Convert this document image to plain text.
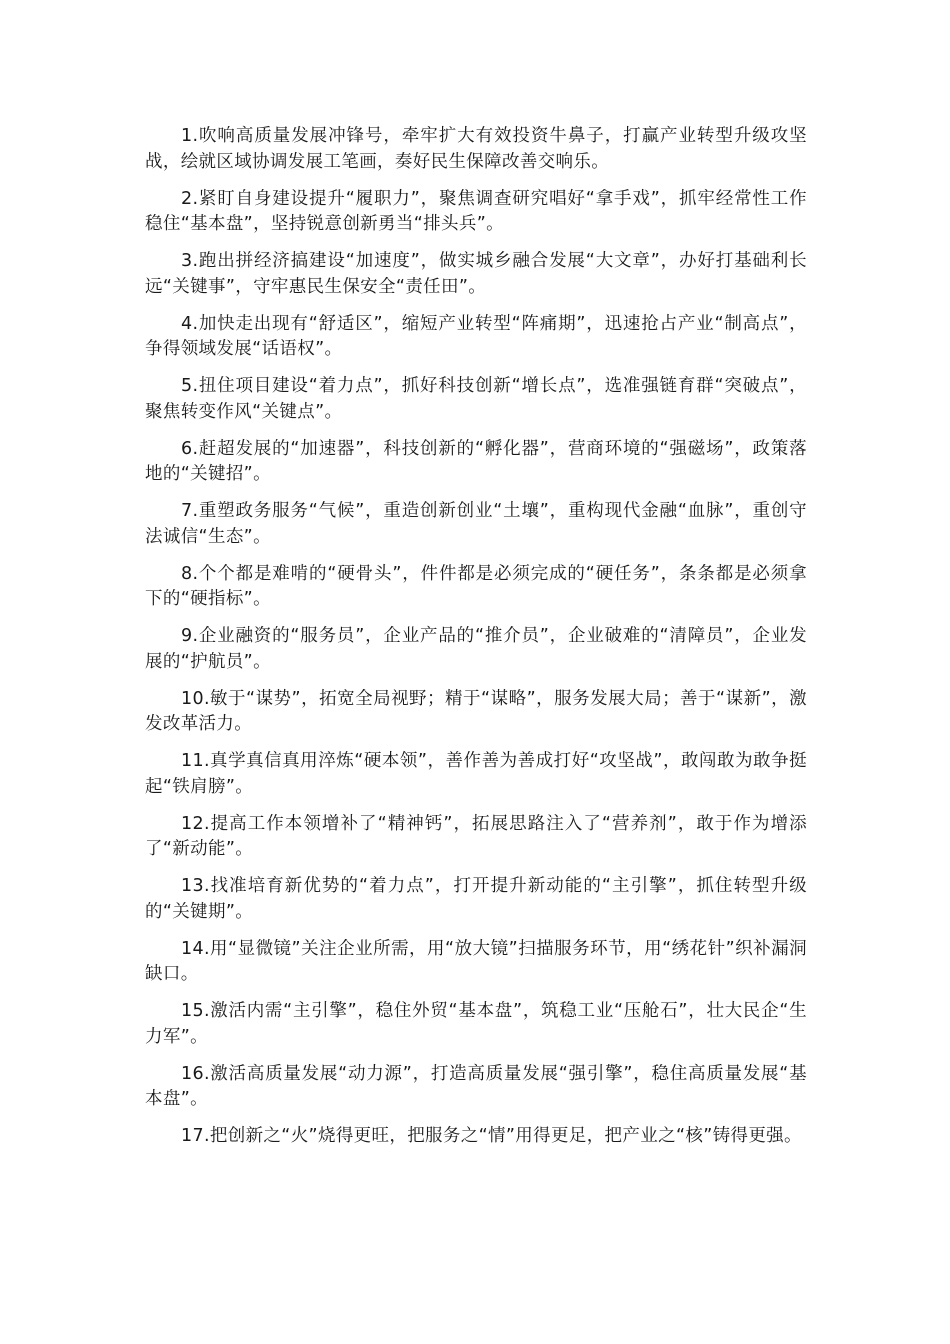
1.吹响高质量发展冲锋号，牵牢扩大有效投资牛鼻子，打赢产业转型升级攻坚战，绘就区域协调发展工笔画，奏好民生保障改善交响乐。

2.紧盯自身建设提升“履职力”，聚焦调查研究唱好“拿手戏”，抓牢经常性工作稳住“基本盘”，坚持锐意创新勇当“排头兵”。

3.跑出拼经济搞建设“加速度”，做实城乡融合发展“大文章”，办好打基础利长远“关键事”，守牢惠民生保安全“责任田”。

4.加快走出现有“舒适区”，缩短产业转型“阵痛期”，迅速抢占产业“制高点”，争得领域发展“话语权”。

5.扭住项目建设“着力点”，抓好科技创新“增长点”，选准强链育群“突破点”，聚焦转变作风“关键点”。

6.赶超发展的“加速器”，科技创新的“孵化器”，营商环境的“强磁场”，政策落地的“关键招”。

7.重塑政务服务“气候”，重造创新创业“土壤”，重构现代金融“血脉”，重创守法诚信“生态”。

8.个个都是难啃的“硬骨头”，件件都是必须完成的“硬任务”，条条都是必须拿下的“硬指标”。

9.企业融资的“服务员”，企业产品的“推介员”，企业破难的“清障员”，企业发展的“护航员”。

10.敏于“谋势”，拓宽全局视野；精于“谋略”，服务发展大局；善于“谋新”，激发改革活力。

11.真学真信真用淬炼“硬本领”，善作善为善成打好“攻坚战”，敢闯敢为敢争挺起“铁肩膀”。

12.提高工作本领增补了“精神钙”，拓展思路注入了“营养剂”，敢于作为增添了“新动能”。

13.找准培育新优势的“着力点”，打开提升新动能的“主引擎”，抓住转型升级的“关键期”。

14.用“显微镜”关注企业所需，用“放大镜”扫描服务环节，用“绣花针”织补漏洞缺口。

15.激活内需“主引擎”，稳住外贸“基本盘”，筑稳工业“压舱石”，壮大民企“生力军”。

16.激活高质量发展“动力源”，打造高质量发展“强引擎”，稳住高质量发展“基本盘”。

17.把创新之“火”烧得更旺，把服务之“情”用得更足，把产业之“核”铸得更强。
